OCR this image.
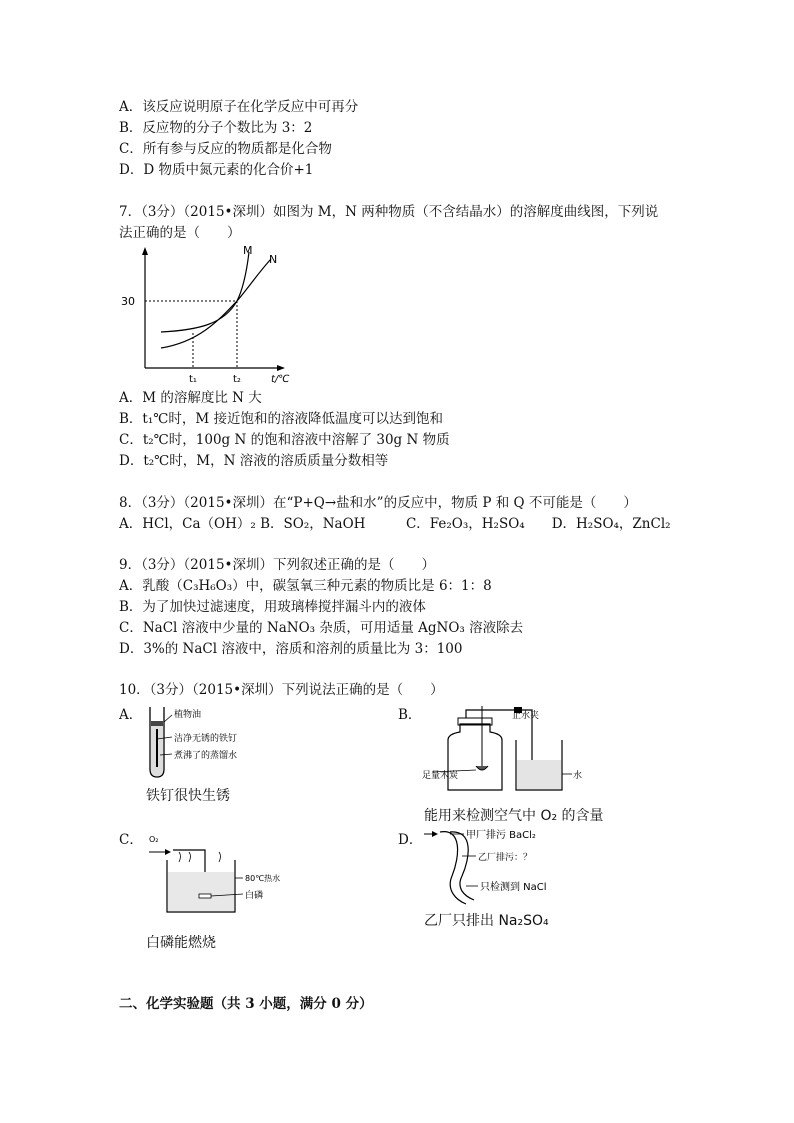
A．该反应说明原子在化学反应中可再分
B．反应物的分子个数比为 3：2
C．所有参与反应的物质都是化合物
D．D 物质中氮元素的化合价+1
7．（3分）（2015•深圳）如图为 M，N 两种物质（不含结晶水）的溶解度曲线图，下列说
法正确的是（　　）
30
M
N
t₁	t₂	t/℃
A．M 的溶解度比 N 大
B．t₁℃时，M 接近饱和的溶液降低温度可以达到饱和
C．t₂℃时，100g N 的饱和溶液中溶解了 30g N 物质
D．t₂℃时，M，N 溶液的溶质质量分数相等
8．（3分）（2015•深圳）在“P+Q→盐和水”的反应中，物质 P 和 Q 不可能是（　　）
A．HCl，Ca（OH）₂ B．SO₂，NaOH　　　C．Fe₂O₃，H₂SO₄　　D．H₂SO₄，ZnCl₂
9．（3分）（2015•深圳）下列叙述正确的是（　　）
A．乳酸（C₃H₆O₃）中，碳氢氧三种元素的物质比是 6：1：8
B．为了加快过滤速度，用玻璃棒搅拌漏斗内的液体
C．NaCl 溶液中少量的 NaNO₃ 杂质，可用适量 AgNO₃ 溶液除去
D．3%的 NaCl 溶液中，溶质和溶剂的质量比为 3：100
10．（3分）（2015•深圳）下列说法正确的是（　　）
A．	植物油
洁净无锈的铁钉
煮沸了的蒸馏水
铁钉很快生锈
B．	止水夹
足量木炭	水
能用来检测空气中 O₂ 的含量
C． O₂
80℃热水
白磷
白磷能燃烧
D．	甲厂排污 BaCl₂
乙厂排污：？
只检测到 NaCl
乙厂只排出 Na₂SO₄
二、化学实验题（共 3 小题，满分 0 分）
